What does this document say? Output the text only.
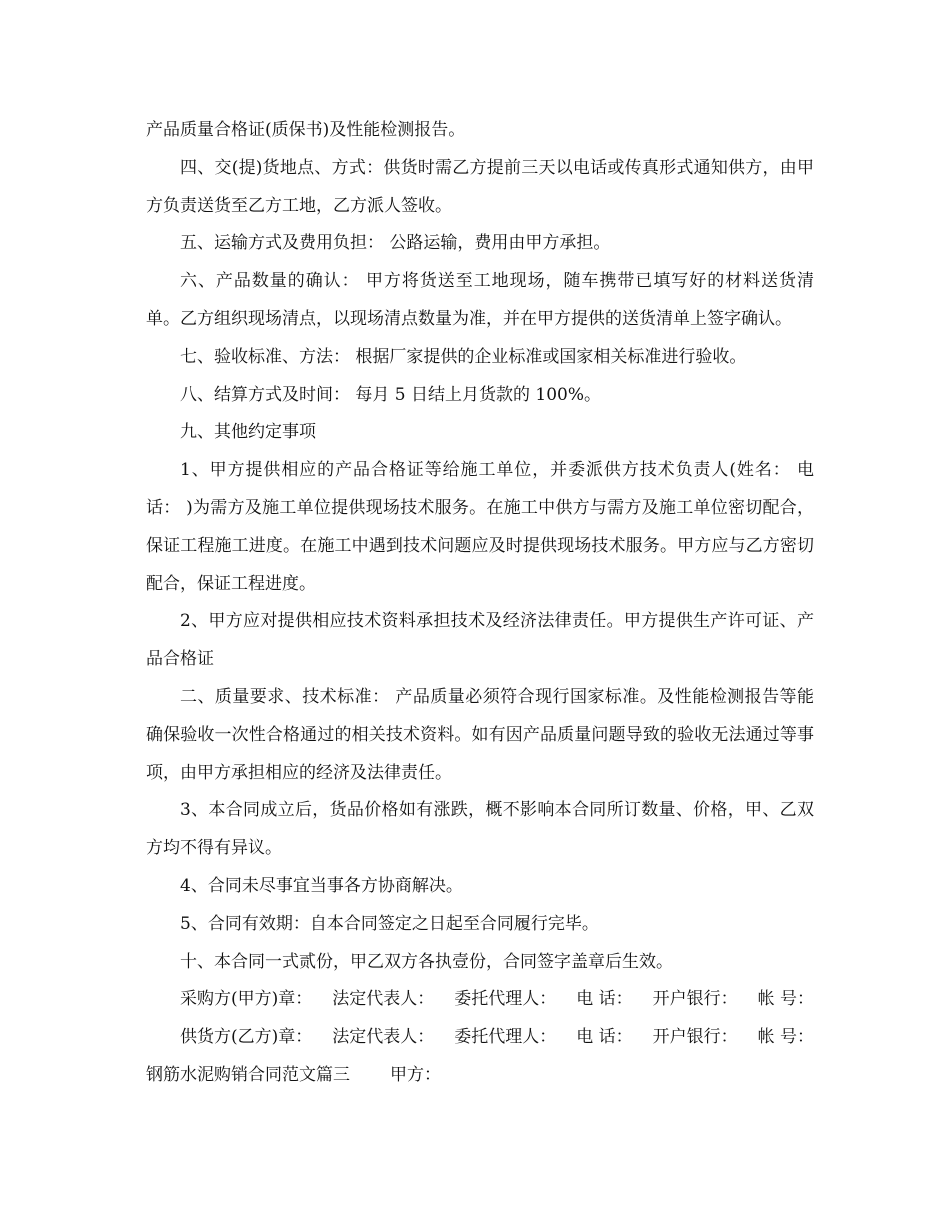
产品质量合格证(质保书)及性能检测报告。

四、交(提)货地点、方式：供货时需乙方提前三天以电话或传真形式通知供方，由甲方负责送货至乙方工地，乙方派人签收。

五、运输方式及费用负担： 公路运输，费用由甲方承担。

六、产品数量的确认： 甲方将货送至工地现场，随车携带已填写好的材料送货清单。乙方组织现场清点，以现场清点数量为准，并在甲方提供的送货清单上签字确认。

七、验收标准、方法： 根据厂家提供的企业标准或国家相关标准进行验收。

八、结算方式及时间： 每月 5 日结上月货款的 100%。

九、其他约定事项

1、甲方提供相应的产品合格证等给施工单位，并委派供方技术负责人(姓名： 电话： )为需方及施工单位提供现场技术服务。在施工中供方与需方及施工单位密切配合，保证工程施工进度。在施工中遇到技术问题应及时提供现场技术服务。甲方应与乙方密切配合，保证工程进度。

2、甲方应对提供相应技术资料承担技术及经济法律责任。甲方提供生产许可证、产品合格证

二、质量要求、技术标准： 产品质量必须符合现行国家标准。及性能检测报告等能确保验收一次性合格通过的相关技术资料。如有因产品质量问题导致的验收无法通过等事项，由甲方承担相应的经济及法律责任。

3、本合同成立后，货品价格如有涨跌，概不影响本合同所订数量、价格，甲、乙双方均不得有异议。

4、合同未尽事宜当事各方协商解决。

5、合同有效期：自本合同签定之日起至合同履行完毕。

十、本合同一式贰份，甲乙双方各执壹份，合同签字盖章后生效。

采购方(甲方)章： 法定代表人： 委托代理人： 电 话： 开户银行： 帐 号：
供货方(乙方)章： 法定代表人： 委托代理人： 电 话： 开户银行： 帐 号：

钢筋水泥购销合同范文篇三 甲方：
